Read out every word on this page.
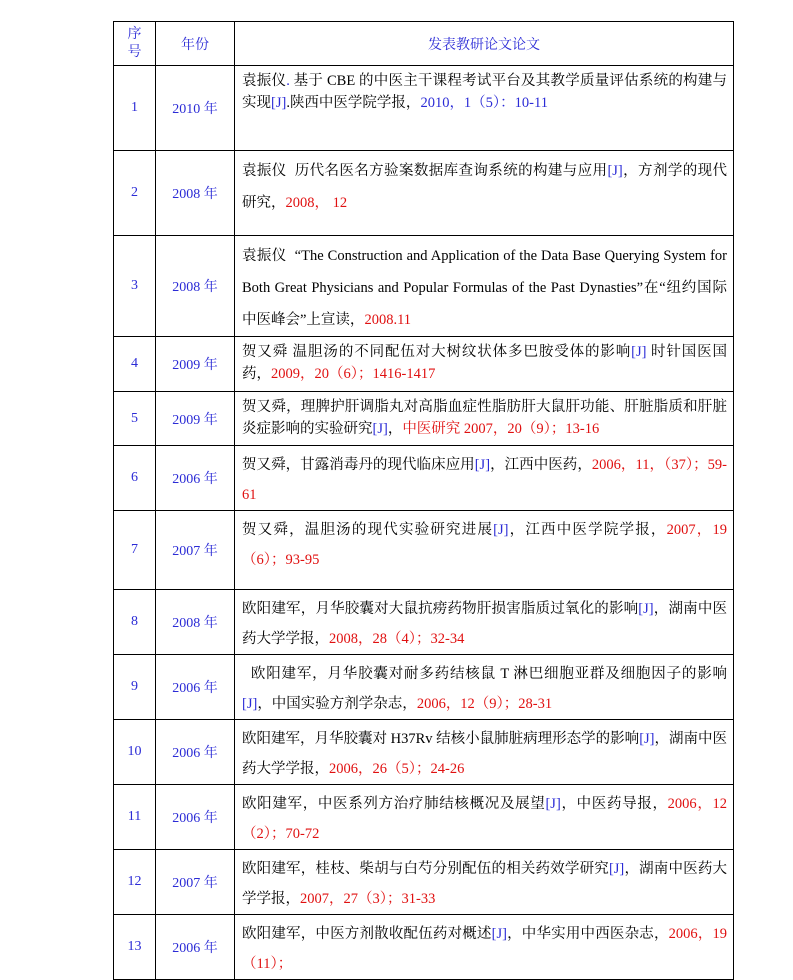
序号	年份	发表教研论文论文
1	2010 年	袁振仪. 基于 CBE 的中医主干课程考试平台及其教学质量评估系统的构建与实现[J].陕西中医学院学报，2010，1（5）：10-11
2	2008 年	袁振仪  历代名医名方验案数据库查询系统的构建与应用[J]，方剂学的现代研究，2008， 12
3	2008 年	袁振仪  “The Construction and Application of the Data Base Querying System for Both Great Physicians and Popular Formulas of the Past Dynasties”在“纽约国际中医峰会”上宣读，2008.11
4	2009 年	贺又舜 温胆汤的不同配伍对大树纹状体多巴胺受体的影响[J] 时针国医国药，2009，20（6）；1416-1417
5	2009 年	贺又舜，理脾护肝调脂丸对高脂血症性脂肪肝大鼠肝功能、肝脏脂质和肝脏炎症影响的实验研究[J]，中医研究 2007，20（9）；13-16
6	2006 年	贺又舜，甘露消毒丹的现代临床应用[J]，江西中医药，2006，11，（37）；59-61
7	2007 年	贺又舜，温胆汤的现代实验研究进展[J]，江西中医学院学报，2007，19（6）；93-95
8	2008 年	欧阳建军，月华胶囊对大鼠抗痨药物肝损害脂质过氧化的影响[J]，湖南中医药大学学报，2008，28（4）；32-34
9	2006 年	欧阳建军，月华胶囊对耐多药结核鼠 T 淋巴细胞亚群及细胞因子的影响[J]，中国实验方剂学杂志，2006，12（9）；28-31
10	2006 年	欧阳建军，月华胶囊对 H37Rv 结核小鼠肺脏病理形态学的影响[J]，湖南中医药大学学报，2006，26（5）；24-26
11	2006 年	欧阳建军，中医系列方治疗肺结核概况及展望[J]，中医药导报，2006，12（2）；70-72
12	2007 年	欧阳建军，桂枝、柴胡与白芍分别配伍的相关药效学研究[J]，湖南中医药大学学报，2007，27（3）；31-33
13	2006 年	欧阳建军，中医方剂散收配伍药对概述[J]，中华实用中西医杂志，2006，19（11）；
